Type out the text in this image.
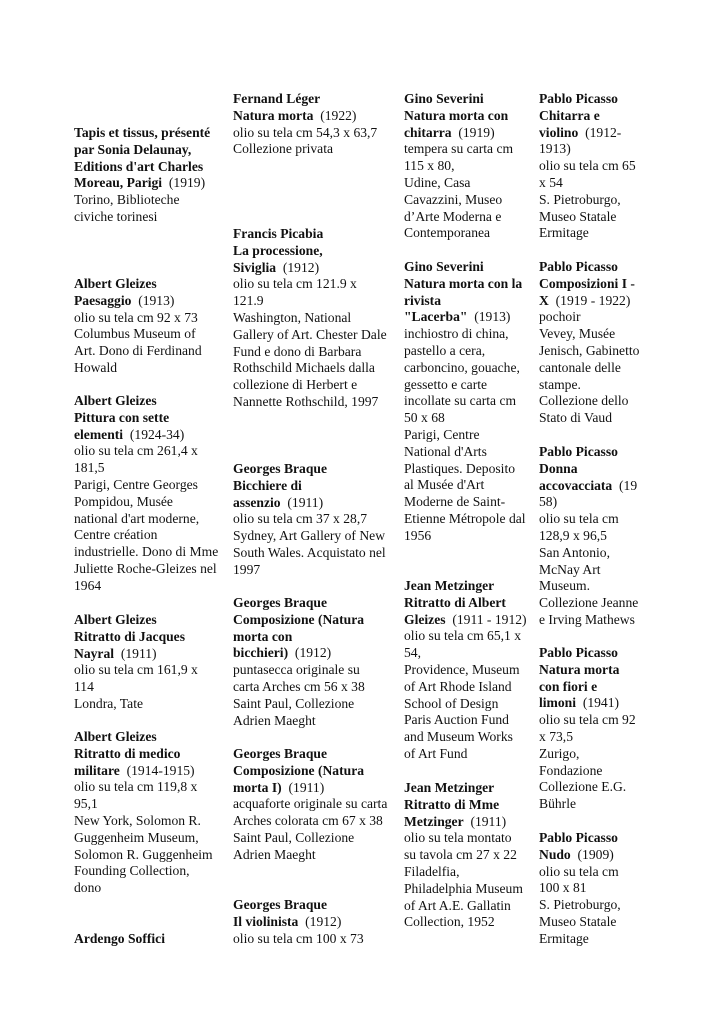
Tapis et tissus, présenté
par Sonia Delaunay,
Editions d'art Charles
Moreau, Parigi  (1919)
Torino, Biblioteche
civiche torinesi
Albert Gleizes
Paesaggio  (1913)
olio su tela cm 92 x 73
Columbus Museum of
Art. Dono di Ferdinand
Howald
Albert Gleizes
Pittura con sette
elementi  (1924-34)
olio su tela cm 261,4 x
181,5
Parigi, Centre Georges
Pompidou, Musée
national d'art moderne,
Centre création
industrielle. Dono di Mme
Juliette Roche-Gleizes nel
1964
Albert Gleizes
Ritratto di Jacques
Nayral  (1911)
olio su tela cm 161,9 x
114
Londra, Tate
Albert Gleizes
Ritratto di medico
militare  (1914-1915)
olio su tela cm 119,8 x
95,1
New York, Solomon R.
Guggenheim Museum,
Solomon R. Guggenheim
Founding Collection,
dono
Ardengo Soffici
Fernand Léger
Natura morta  (1922)
olio su tela cm 54,3 x 63,7
Collezione privata
Francis Picabia
La processione,
Siviglia  (1912)
olio su tela cm 121.9 x
121.9
Washington, National
Gallery of Art. Chester Dale
Fund e dono di Barbara
Rothschild Michaels dalla
collezione di Herbert e
Nannette Rothschild, 1997
Georges Braque
Bicchiere di
assenzio  (1911)
olio su tela cm 37 x 28,7
Sydney, Art Gallery of New
South Wales. Acquistato nel
1997
Georges Braque
Composizione (Natura
morta con
bicchieri)  (1912)
puntasecca originale su
carta Arches cm 56 x 38
Saint Paul, Collezione
Adrien Maeght
Georges Braque
Composizione (Natura
morta I)  (1911)
acquaforte originale su carta
Arches colorata cm 67 x 38
Saint Paul, Collezione
Adrien Maeght
Georges Braque
Il violinista  (1912)
olio su tela cm 100 x 73
Gino Severini
Natura morta con
chitarra  (1919)
tempera su carta cm
115 x 80,
Udine, Casa
Cavazzini, Museo
d’Arte Moderna e
Contemporanea
Gino Severini
Natura morta con la
rivista
"Lacerba"  (1913)
inchiostro di china,
pastello a cera,
carboncino, gouache,
gessetto e carte
incollate su carta cm
50 x 68
Parigi, Centre
National d'Arts
Plastiques. Deposito
al Musée d'Art
Moderne de Saint-
Etienne Métropole dal
1956
Jean Metzinger
Ritratto di Albert
Gleizes  (1911 - 1912)
olio su tela cm 65,1 x
54,
Providence, Museum
of Art Rhode Island
School of Design
Paris Auction Fund
and Museum Works
of Art Fund
Jean Metzinger
Ritratto di Mme
Metzinger  (1911)
olio su tela montato
su tavola cm 27 x 22
Filadelfia,
Philadelphia Museum
of Art A.E. Gallatin
Collection, 1952
Pablo Picasso
Chitarra e
violino  (1912-
1913)
olio su tela cm 65
x 54
S. Pietroburgo,
Museo Statale
Ermitage
Pablo Picasso
Composizioni I -
X  (1919 - 1922)
pochoir
Vevey, Musée
Jenisch, Gabinetto
cantonale delle
stampe.
Collezione dello
Stato di Vaud
Pablo Picasso
Donna
accovacciata  (19
58)
olio su tela cm
128,9 x 96,5
San Antonio,
McNay Art
Museum.
Collezione Jeanne
e Irving Mathews
Pablo Picasso
Natura morta
con fiori e
limoni  (1941)
olio su tela cm 92
x 73,5
Zurigo,
Fondazione
Collezione E.G.
Bührle
Pablo Picasso
Nudo  (1909)
olio su tela cm
100 x 81
S. Pietroburgo,
Museo Statale
Ermitage
